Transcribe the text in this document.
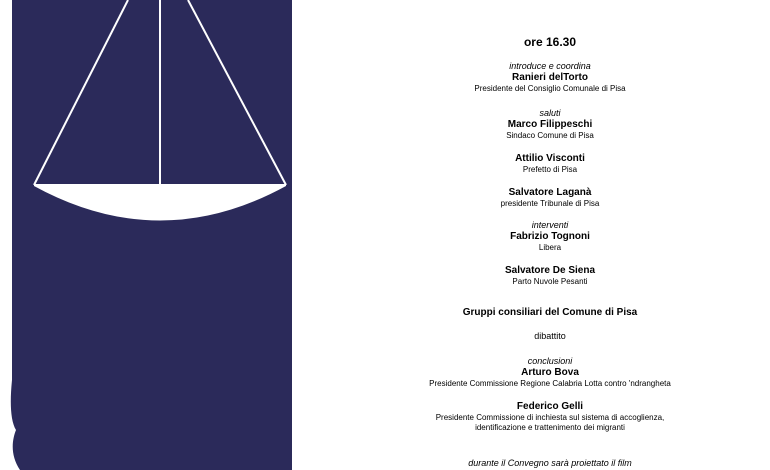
ore 16.30
introduce e coordina
Ranieri delTorto
Presidente del Consiglio Comunale di Pisa
saluti
Marco Filippeschi
Sindaco Comune di Pisa
Attilio Visconti
Prefetto di Pisa
Salvatore Laganà
presidente Tribunale di Pisa
interventi
Fabrizio Tognoni
Libera
Salvatore De Siena
Parto Nuvole Pesanti
Gruppi consiliari del Comune di Pisa
dibattito
conclusioni
Arturo Bova
Presidente Commissione Regione Calabria Lotta contro 'ndrangheta
Federico Gelli
Presidente Commissione di inchiesta sul sistema di accoglienza,
identificazione e trattenimento dei migranti
durante il Convegno sarà proiettato il film
